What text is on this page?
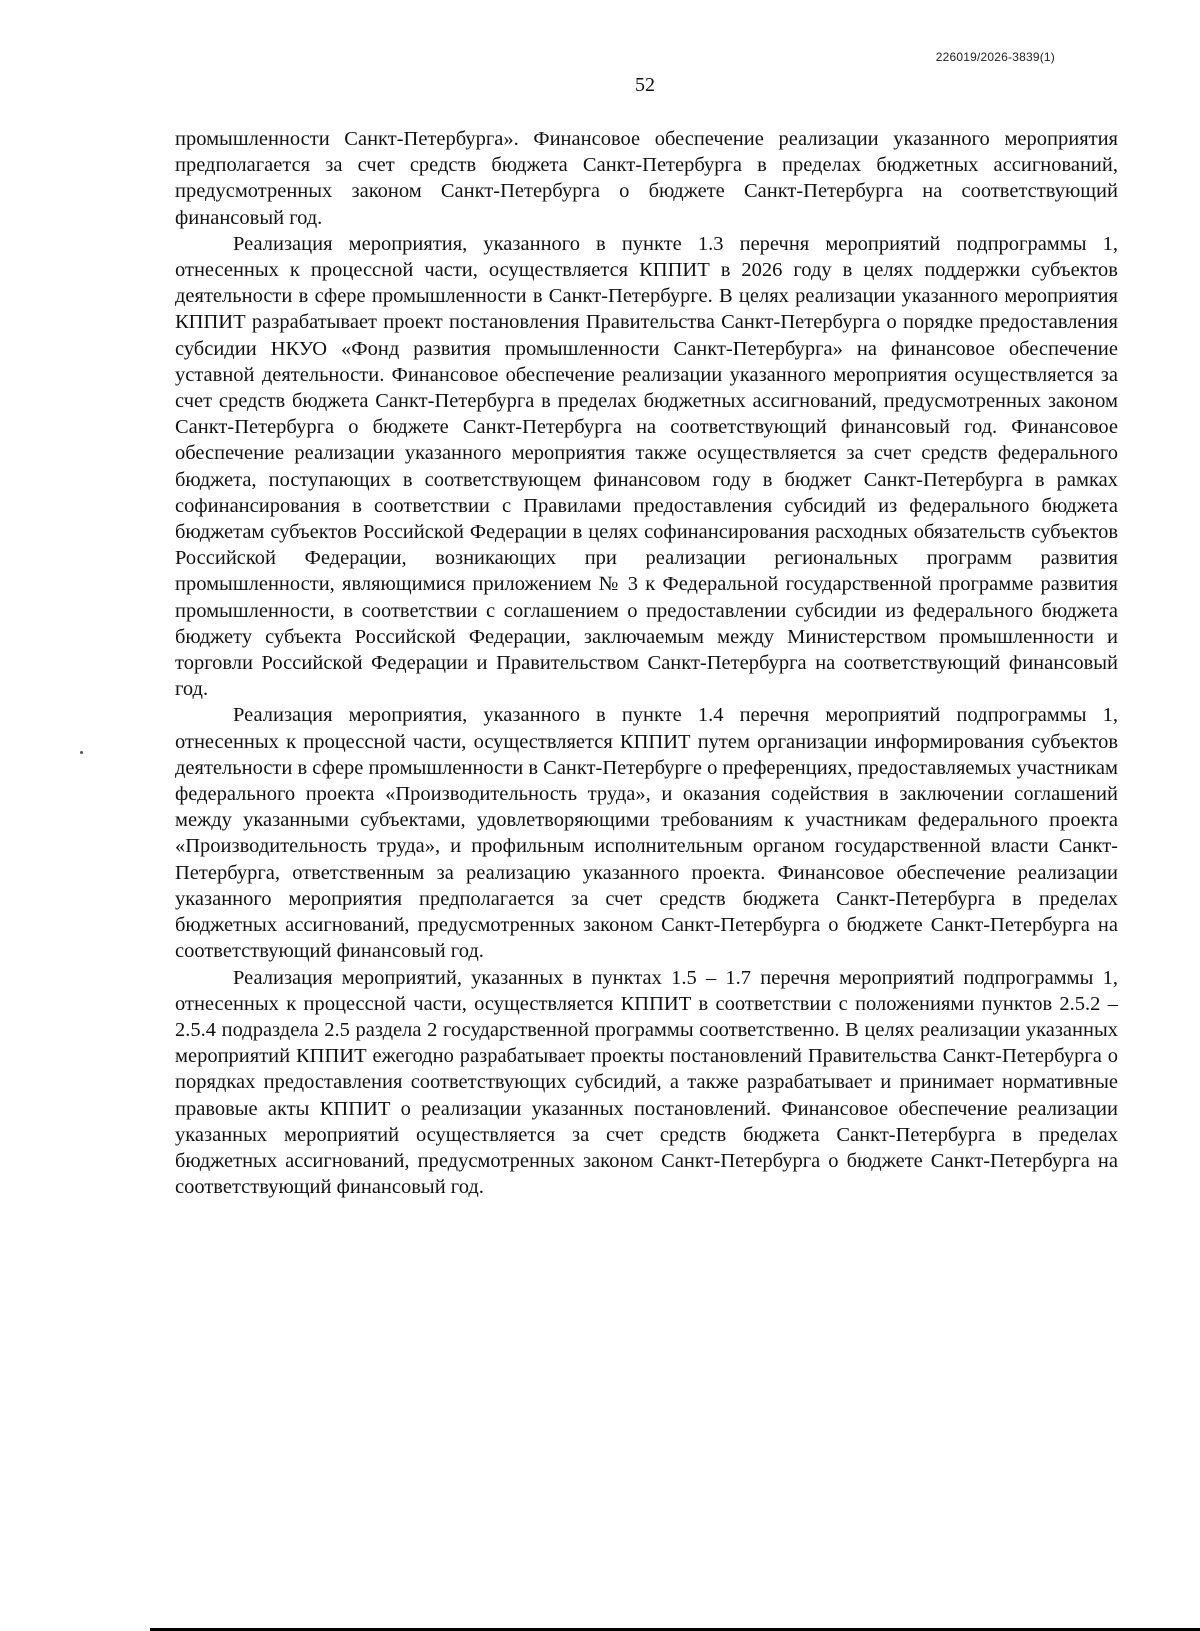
226019/2026-3839(1)
52

промышленности Санкт-Петербурга». Финансовое обеспечение реализации указанного мероприятия предполагается за счет средств бюджета Санкт-Петербурга в пределах бюджетных ассигнований, предусмотренных законом Санкт-Петербурга о бюджете Санкт-Петербурга на соответствующий финансовый год.

Реализация мероприятия, указанного в пункте 1.3 перечня мероприятий подпрограммы 1, отнесенных к процессной части, осуществляется КППИТ в 2026 году в целях поддержки субъектов деятельности в сфере промышленности в Санкт-Петербурге. В целях реализации указанного мероприятия КППИТ разрабатывает проект постановления Правительства Санкт-Петербурга о порядке предоставления субсидии НКУО «Фонд развития промышленности Санкт-Петербурга» на финансовое обеспечение уставной деятельности. Финансовое обеспечение реализации указанного мероприятия осуществляется за счет средств бюджета Санкт-Петербурга в пределах бюджетных ассигнований, предусмотренных законом Санкт-Петербурга о бюджете Санкт-Петербурга на соответствующий финансовый год. Финансовое обеспечение реализации указанного мероприятия также осуществляется за счет средств федерального бюджета, поступающих в соответствующем финансовом году в бюджет Санкт-Петербурга в рамках софинансирования в соответствии с Правилами предоставления субсидий из федерального бюджета бюджетам субъектов Российской Федерации в целях софинансирования расходных обязательств субъектов Российской Федерации, возникающих при реализации региональных программ развития промышленности, являющимися приложением № 3 к Федеральной государственной программе развития промышленности, в соответствии с соглашением о предоставлении субсидии из федерального бюджета бюджету субъекта Российской Федерации, заключаемым между Министерством промышленности и торговли Российской Федерации и Правительством Санкт-Петербурга на соответствующий финансовый год.

Реализация мероприятия, указанного в пункте 1.4 перечня мероприятий подпрограммы 1, отнесенных к процессной части, осуществляется КППИТ путем организации информирования субъектов деятельности в сфере промышленности в Санкт-Петербурге о преференциях, предоставляемых участникам федерального проекта «Производительность труда», и оказания содействия в заключении соглашений между указанными субъектами, удовлетворяющими требованиям к участникам федерального проекта «Производительность труда», и профильным исполнительным органом государственной власти Санкт-Петербурга, ответственным за реализацию указанного проекта. Финансовое обеспечение реализации указанного мероприятия предполагается за счет средств бюджета Санкт-Петербурга в пределах бюджетных ассигнований, предусмотренных законом Санкт-Петербурга о бюджете Санкт-Петербурга на соответствующий финансовый год.

Реализация мероприятий, указанных в пунктах 1.5 – 1.7 перечня мероприятий подпрограммы 1, отнесенных к процессной части, осуществляется КППИТ в соответствии с положениями пунктов 2.5.2 – 2.5.4 подраздела 2.5 раздела 2 государственной программы соответственно. В целях реализации указанных мероприятий КППИТ ежегодно разрабатывает проекты постановлений Правительства Санкт-Петербурга о порядках предоставления соответствующих субсидий, а также разрабатывает и принимает нормативные правовые акты КППИТ о реализации указанных постановлений. Финансовое обеспечение реализации указанных мероприятий осуществляется за счет средств бюджета Санкт-Петербурга в пределах бюджетных ассигнований, предусмотренных законом Санкт-Петербурга о бюджете Санкт-Петербурга на соответствующий финансовый год.
